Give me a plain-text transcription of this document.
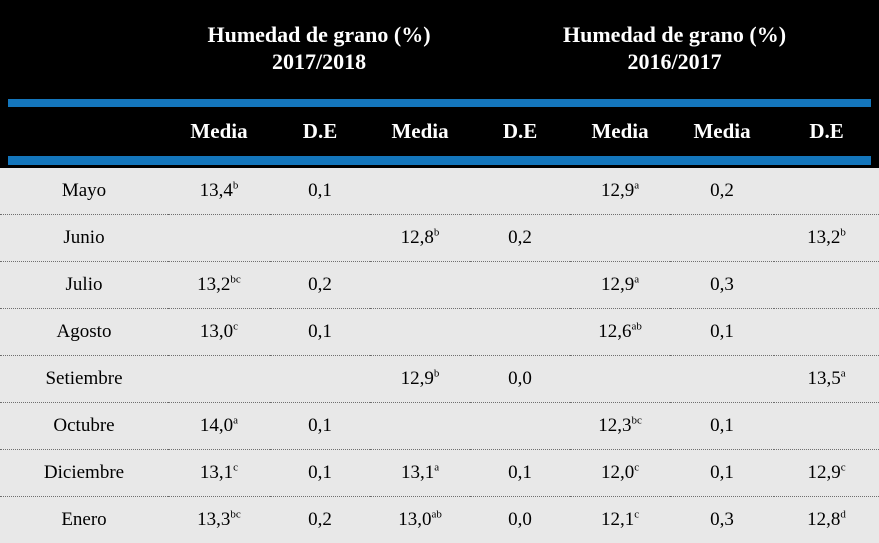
Humedad de grano (%)
2017/2018

Humedad de grano (%)
2016/2017

	Media	D.E	Media	D.E	Media	Media	D.E

Mayo	13,4$^b$	0,1			12,9$^a$	0,2	
Junio			12,8$^b$	0,2			13,2$^b$
Julio	13,2$^{bc}$	0,2			12,9$^a$	0,3	
Agosto	13,0$^c$	0,1			12,6$^{ab}$	0,1	
Setiembre			12,9$^b$	0,0			13,5$^a$
Octubre	14,0$^a$	0,1			12,3$^{bc}$	0,1	
Diciembre	13,1$^c$	0,1	13,1$^a$	0,1	12,0$^c$	0,1	12,9$^c$
Enero	13,3$^{bc}$	0,2	13,0$^{ab}$	0,0	12,1$^c$	0,3	12,8$^d$
